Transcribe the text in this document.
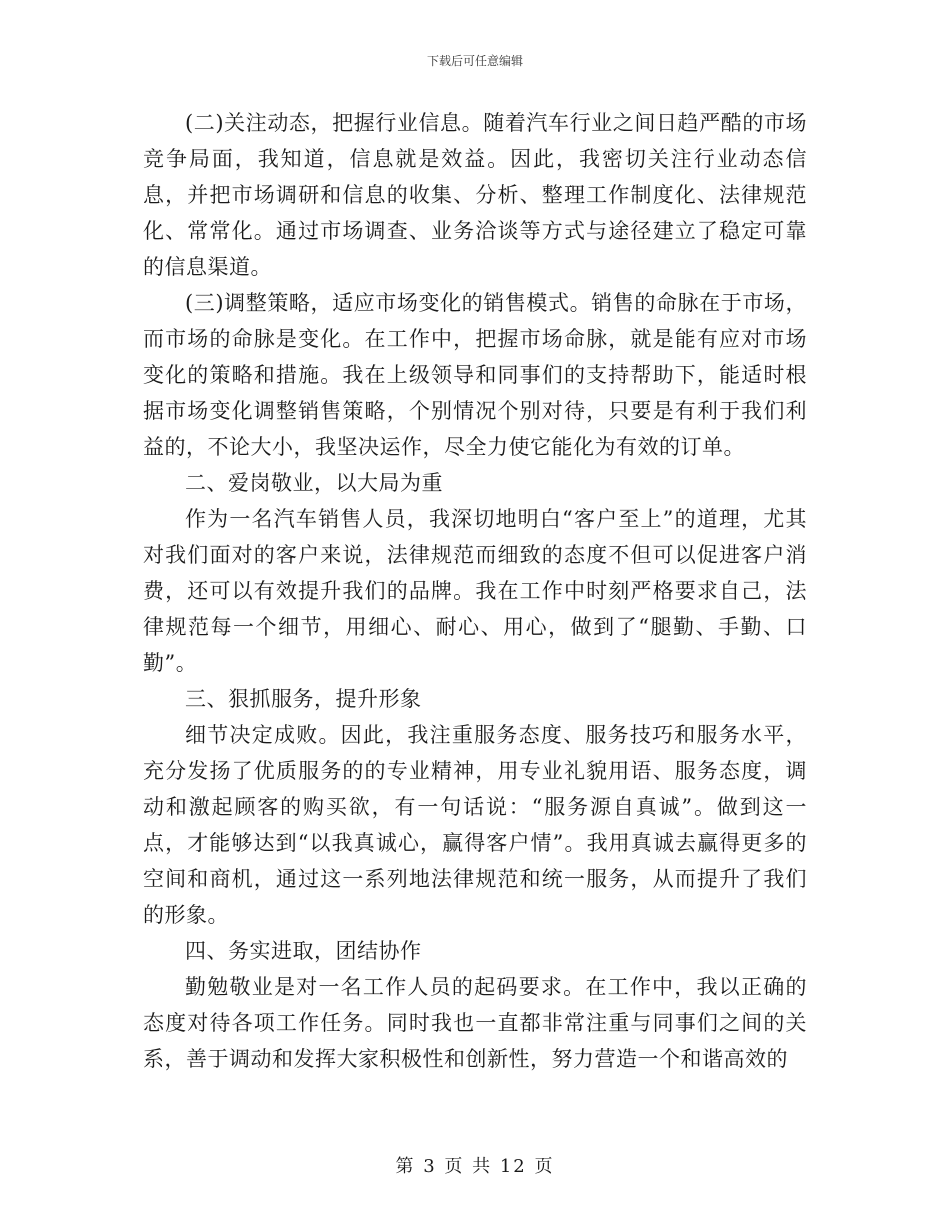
下载后可任意编辑

(二)关注动态，把握行业信息。随着汽车行业之间日趋严酷的市场竞争局面，我知道，信息就是效益。因此，我密切关注行业动态信息，并把市场调研和信息的收集、分析、整理工作制度化、法律规范化、常常化。通过市场调查、业务洽谈等方式与途径建立了稳定可靠的信息渠道。

(三)调整策略，适应市场变化的销售模式。销售的命脉在于市场，而市场的命脉是变化。在工作中，把握市场命脉，就是能有应对市场变化的策略和措施。我在上级领导和同事们的支持帮助下，能适时根据市场变化调整销售策略，个别情况个别对待，只要是有利于我们利益的，不论大小，我坚决运作，尽全力使它能化为有效的订单。

二、爱岗敬业，以大局为重

作为一名汽车销售人员，我深切地明白“客户至上”的道理，尤其对我们面对的客户来说，法律规范而细致的态度不但可以促进客户消费，还可以有效提升我们的品牌。我在工作中时刻严格要求自己，法律规范每一个细节，用细心、耐心、用心，做到了“腿勤、手勤、口勤”。

三、狠抓服务，提升形象

细节决定成败。因此，我注重服务态度、服务技巧和服务水平，充分发扬了优质服务的的专业精神，用专业礼貌用语、服务态度，调动和激起顾客的购买欲，有一句话说：“服务源自真诚”。做到这一点，才能够达到“以我真诚心，赢得客户情”。我用真诚去赢得更多的空间和商机，通过这一系列地法律规范和统一服务，从而提升了我们的形象。

四、务实进取，团结协作

勤勉敬业是对一名工作人员的起码要求。在工作中，我以正确的态度对待各项工作任务。同时我也一直都非常注重与同事们之间的关系，善于调动和发挥大家积极性和创新性，努力营造一个和谐高效的

第 3 页 共 12 页
